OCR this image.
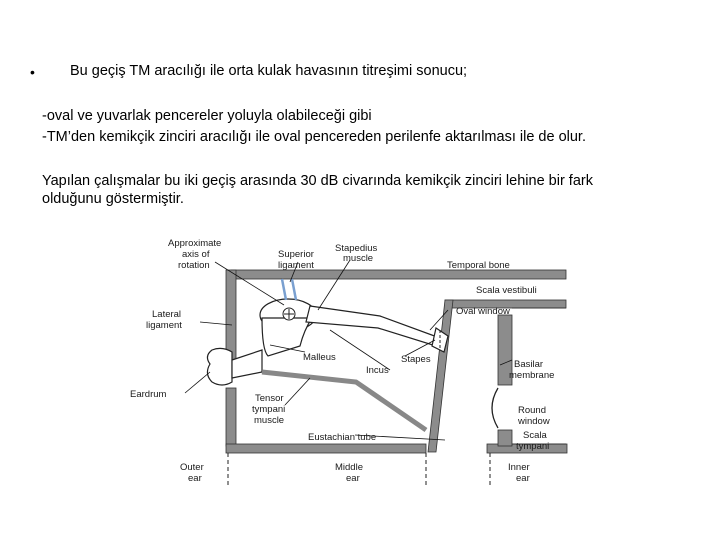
• Bu geçiş TM aracılığı ile orta kulak havasının titreşimi sonucu;
-oval ve yuvarlak pencereler yoluyla olabileceği gibi
-TM’den kemikçik zinciri aracılığı ile oval pencereden perilenfe aktarılması ile de olur.
Yapılan çalışmalar bu iki geçiş arasında 30 dB civarında kemikçik zinciri lehine bir fark
olduğunu göstermiştir.
Approximate
axis of
rotation
Superior
ligament
Stapedius
muscle
Temporal bone
Scala vestibuli
Lateral
ligament
Oval window
Malleus	Stapes
Incus
Basilar
membrane
Eardrum	Tensor
tympani
muscle
Round
window
Scala
tympani
Eustachian tube
Outer
ear
Middle
ear
Inner
ear
